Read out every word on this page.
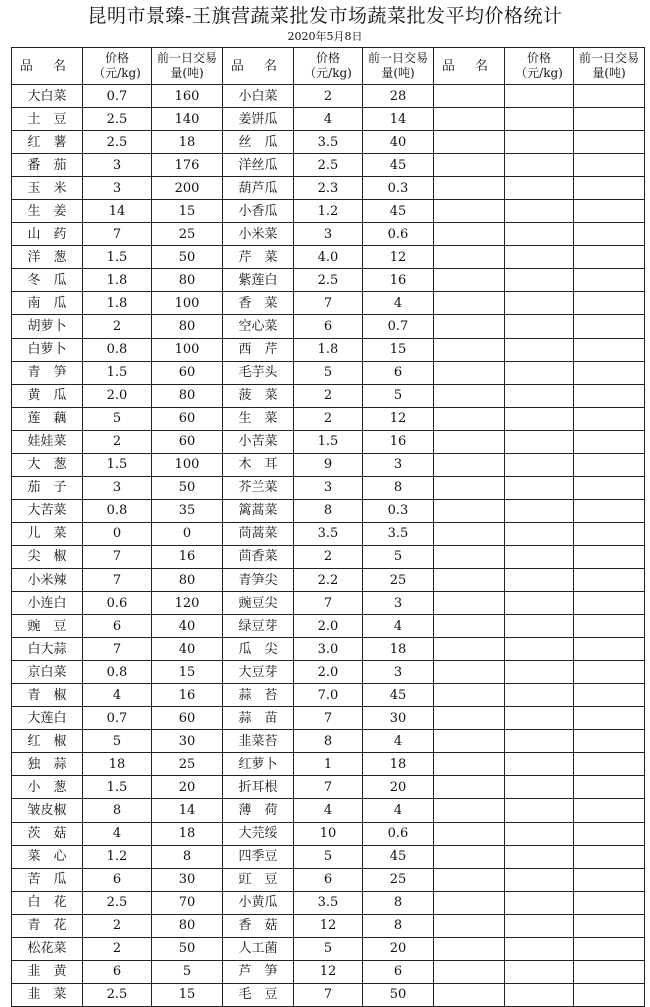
昆明市景臻-王旗营蔬菜批发市场蔬菜批发平均价格统计
2020年5月8日
品 名	价格（元/kg)	前一日交易量(吨)	品 名	价格（元/kg)	前一日交易量(吨)	品 名	价格（元/kg)	前一日交易量(吨)

大白菜	0.7	160	小白菜	2	28			
土　豆	2.5	140	姜饼瓜	4	14			
红　薯	2.5	18	丝　瓜	3.5	40			
番　茄	3	176	洋丝瓜	2.5	45			
玉　米	3	200	葫芦瓜	2.3	0.3			
生　姜	14	15	小香瓜	1.2	45			
山　药	7	25	小米菜	3	0.6			
洋　葱	1.5	50	芹　菜	4.0	12			
冬　瓜	1.8	80	紫莲白	2.5	16			
南　瓜	1.8	100	香　菜	7	4			
胡萝卜	2	80	空心菜	6	0.7			
白萝卜	0.8	100	西　芹	1.8	15			
青　笋	1.5	60	毛芋头	5	6			
黄　瓜	2.0	80	菠　菜	2	5			
莲　藕	5	60	生　菜	2	12			
娃娃菜	2	60	小苦菜	1.5	16			
大　葱	1.5	100	木　耳	9	3			
茄　子	3	50	芥兰菜	3	8			
大苦菜	0.8	35	篱蒿菜	8	0.3			
儿　菜	0	0	茼蒿菜	3.5	3.5			
尖　椒	7	16	茴香菜	2	5			
小米辣	7	80	青笋尖	2.2	25			
小连白	0.6	120	豌豆尖	7	3			
豌　豆	6	40	绿豆芽	2.0	4			
白大蒜	7	40	瓜　尖	3.0	18			
京白菜	0.8	15	大豆芽	2.0	3			
青　椒	4	16	蒜　苔	7.0	45			
大莲白	0.7	60	蒜　苗	7	30			
红　椒	5	30	韭菜苔	8	4			
独　蒜	18	25	红萝卜	1	18			
小　葱	1.5	20	折耳根	7	20			
皱皮椒	8	14	薄　荷	4	4			
茨　菇	4	18	大芫绥	10	0.6			
菜　心	1.2	8	四季豆	5	45			
苦　瓜	6	30	豇　豆	6	25			
白　花	2.5	70	小黄瓜	3.5	8			
青　花	2	80	香　菇	12	8			
松花菜	2	50	人工菌	5	20			
韭　黄	6	5	芦　笋	12	6			
韭　菜	2.5	15	毛　豆	7	50			
